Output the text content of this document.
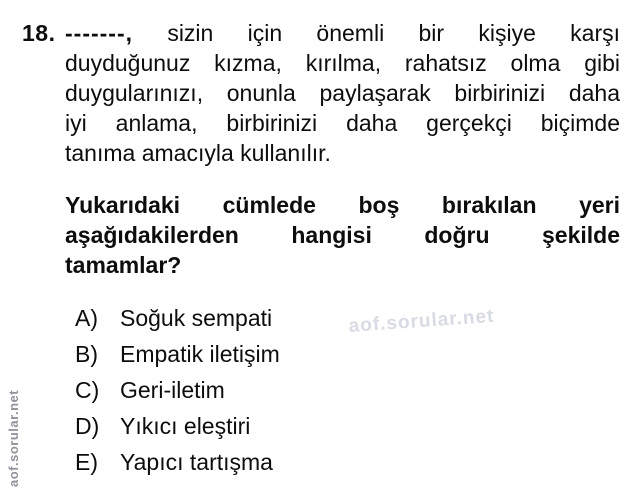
aof.sorular.net
aof.sorular.net
18. -------, sizin için önemli bir kişiye karşı
duyduğunuz kızma, kırılma, rahatsız olma gibi
duygularınızı, onunla paylaşarak birbirinizi daha
iyi anlama, birbirinizi daha gerçekçi biçimde
tanıma amacıyla kullanılır.
Yukarıdaki cümlede boş bırakılan yeri
aşağıdakilerden hangisi doğru şekilde
tamamlar?
A) Soğuk sempati
B) Empatik iletişim
C) Geri-iletim
D) Yıkıcı eleştiri
E) Yapıcı tartışma
